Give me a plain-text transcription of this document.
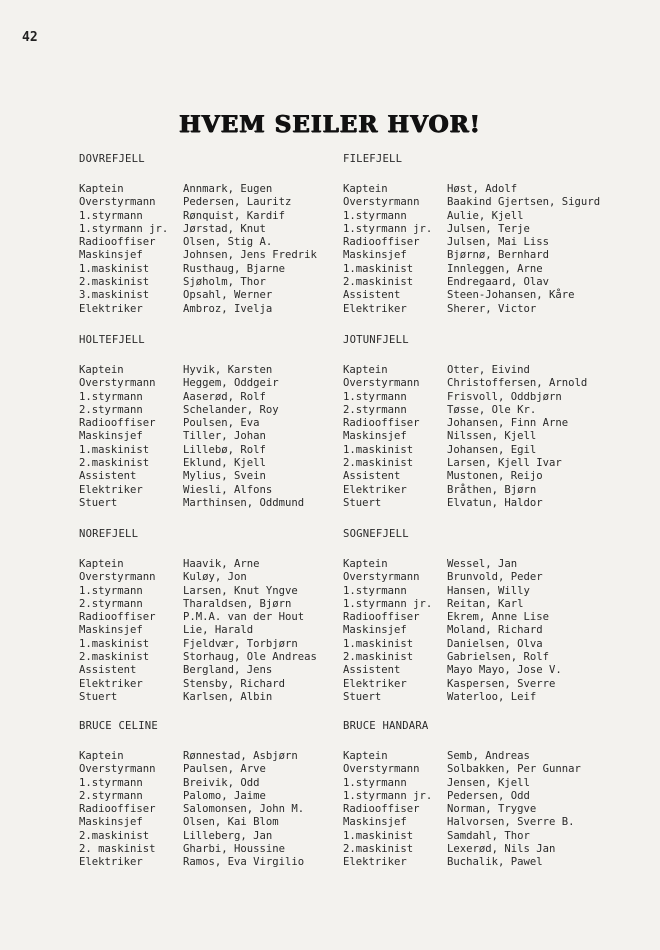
42
HVEM SEILER HVOR!
DOVREFJELL
Kaptein	Annmark, Eugen
Overstyrmann	Pedersen, Lauritz
1.styrmann	Rønquist, Kardif
1.styrmann jr.	Jørstad, Knut
Radiooffiser	Olsen, Stig A.
Maskinsjef	Johnsen, Jens Fredrik
1.maskinist	Rusthaug, Bjarne
2.maskinist	Sjøholm, Thor
3.maskinist	Opsahl, Werner
Elektriker	Ambroz, Ivelja
FILEFJELL
Kaptein	Høst, Adolf
Overstyrmann	Baakind Gjertsen, Sigurd
1.styrmann	Aulie, Kjell
1.styrmann jr.	Julsen, Terje
Radiooffiser	Julsen, Mai Liss
Maskinsjef	Bjørnø, Bernhard
1.maskinist	Innleggen, Arne
2.maskinist	Endregaard, Olav
Assistent	Steen-Johansen, Kåre
Elektriker	Sherer, Victor
HOLTEFJELL
Kaptein	Hyvik, Karsten
Overstyrmann	Heggem, Oddgeir
1.styrmann	Aaserød, Rolf
2.styrmann	Schelander, Roy
Radiooffiser	Poulsen, Eva
Maskinsjef	Tiller, Johan
1.maskinist	Lillebø, Rolf
2.maskinist	Eklund, Kjell
Assistent	Mylius, Svein
Elektriker	Wiesli, Alfons
Stuert	Marthinsen, Oddmund
JOTUNFJELL
Kaptein	Otter, Eivind
Overstyrmann	Christoffersen, Arnold
1.styrmann	Frisvoll, Oddbjørn
2.styrmann	Tøsse, Ole Kr.
Radiooffiser	Johansen, Finn Arne
Maskinsjef	Nilssen, Kjell
1.maskinist	Johansen, Egil
2.maskinist	Larsen, Kjell Ivar
Assistent	Mustonen, Reijo
Elektriker	Bråthen, Bjørn
Stuert	Elvatun, Haldor
NOREFJELL
Kaptein	Haavik, Arne
Overstyrmann	Kuløy, Jon
1.styrmann	Larsen, Knut Yngve
2.styrmann	Tharaldsen, Bjørn
Radiooffiser	P.M.A. van der Hout
Maskinsjef	Lie, Harald
1.maskinist	Fjeldvær, Torbjørn
2.maskinist	Storhaug, Ole Andreas
Assistent	Bergland, Jens
Elektriker	Stensby, Richard
Stuert	Karlsen, Albin
SOGNEFJELL
Kaptein	Wessel, Jan
Overstyrmann	Brunvold, Peder
1.styrmann	Hansen, Willy
1.styrmann jr.	Reitan, Karl
Radiooffiser	Ekrem, Anne Lise
Maskinsjef	Moland, Richard
1.maskinist	Danielsen, Olva
2.maskinist	Gabrielsen, Rolf
Assistent	Mayo Mayo, Jose V.
Elektriker	Kaspersen, Sverre
Stuert	Waterloo, Leif
BRUCE CELINE
Kaptein	Rønnestad, Asbjørn
Overstyrmann	Paulsen, Arve
1.styrmann	Breivik, Odd
2.styrmann	Palomo, Jaime
Radiooffiser	Salomonsen, John M.
Maskinsjef	Olsen, Kai Blom
2.maskinist	Lilleberg, Jan
2. maskinist	Gharbi, Houssine
Elektriker	Ramos, Eva Virgilio
BRUCE HANDARA
Kaptein	Semb, Andreas
Overstyrmann	Solbakken, Per Gunnar
1.styrmann	Jensen, Kjell
1.styrmann jr.	Pedersen, Odd
Radiooffiser	Norman, Trygve
Maskinsjef	Halvorsen, Sverre B.
1.maskinist	Samdahl, Thor
2.maskinist	Lexerød, Nils Jan
Elektriker	Buchalik, Pawel
